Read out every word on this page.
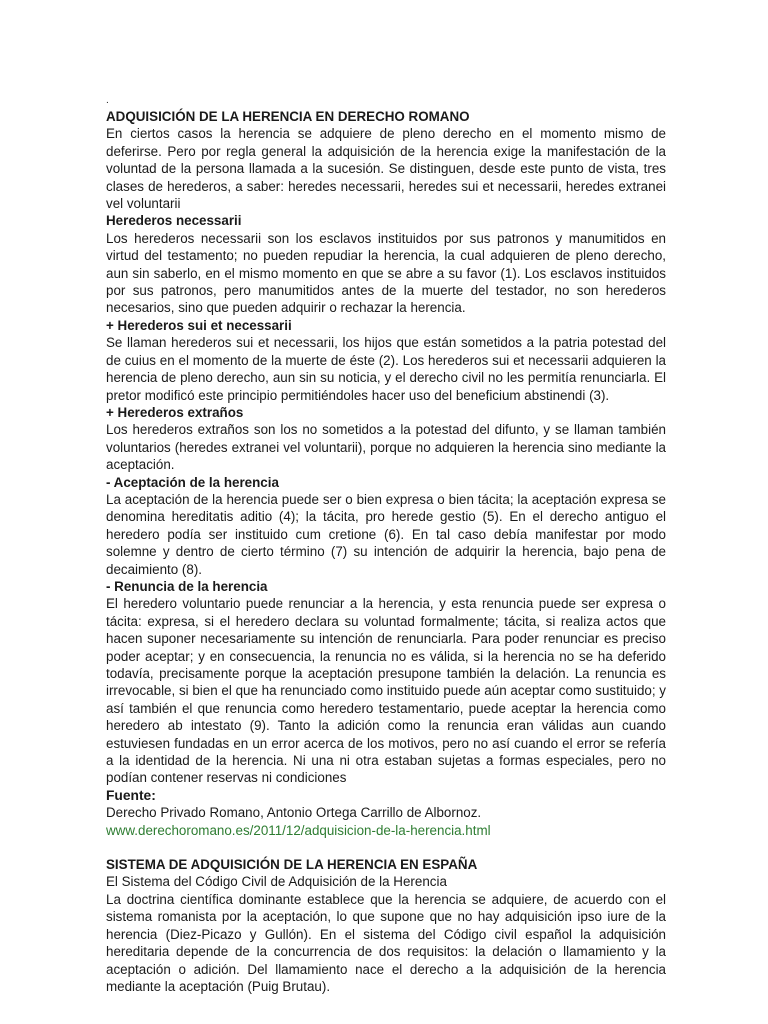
.

ADQUISICIÓN DE LA HERENCIA EN DERECHO ROMANO

En ciertos casos la herencia se adquiere de pleno derecho en el momento mismo de deferirse. Pero por regla general la adquisición de la herencia exige la manifestación de la voluntad de la persona llamada a la sucesión. Se distinguen, desde este punto de vista, tres clases de herederos, a saber: heredes necessarii, heredes sui et necessarii, heredes extranei vel voluntarii

Herederos necessarii

Los herederos necessarii son los esclavos instituidos por sus patronos y manumitidos en virtud del testamento; no pueden repudiar la herencia, la cual adquieren de pleno derecho, aun sin saberlo, en el mismo momento en que se abre a su favor (1). Los esclavos instituidos por sus patronos, pero manumitidos antes de la muerte del testador, no son herederos necesarios, sino que pueden adquirir o rechazar la herencia.

+ Herederos sui et necessarii

Se llaman herederos sui et necessarii, los hijos que están sometidos a la patria potestad del de cuius en el momento de la muerte de éste (2). Los herederos sui et necessarii adquieren la herencia de pleno derecho, aun sin su noticia, y el derecho civil no les permitía renunciarla. El pretor modificó este principio permitiéndoles hacer uso del beneficium abstinendi (3).

+ Herederos extraños

Los herederos extraños son los no sometidos a la potestad del difunto, y se llaman también voluntarios (heredes extranei vel voluntarii), porque no adquieren la herencia sino mediante la aceptación.

- Aceptación de la herencia

La aceptación de la herencia puede ser o bien expresa o bien tácita; la aceptación expresa se denomina hereditatis aditio (4); la tácita, pro herede gestio (5). En el derecho antiguo el heredero podía ser instituido cum cretione (6). En tal caso debía manifestar por modo solemne y dentro de cierto término (7) su intención de adquirir la herencia, bajo pena de decaimiento (8).

- Renuncia de la herencia

El heredero voluntario puede renunciar a la herencia, y esta renuncia puede ser expresa o tácita: expresa, si el heredero declara su voluntad formalmente; tácita, si realiza actos que hacen suponer necesariamente su intención de renunciarla. Para poder renunciar es preciso poder aceptar; y en consecuencia, la renuncia no es válida, si la herencia no se ha deferido todavía, precisamente porque la aceptación presupone también la delación. La renuncia es irrevocable, si bien el que ha renunciado como instituido puede aún aceptar como sustituido; y así también el que renuncia como heredero testamentario, puede aceptar la herencia como heredero ab intestato (9). Tanto la adición como la renuncia eran válidas aun cuando estuviesen fundadas en un error acerca de los motivos, pero no así cuando el error se refería a la identidad de la herencia. Ni una ni otra estaban sujetas a formas especiales, pero no podían contener reservas ni condiciones

Fuente:

Derecho Privado Romano, Antonio Ortega Carrillo de Albornoz.

www.derechoromano.es/2011/12/adquisicion-de-la-herencia.html

SISTEMA DE ADQUISICIÓN DE LA HERENCIA EN ESPAÑA

El Sistema del Código Civil de Adquisición de la Herencia

La doctrina científica dominante establece que la herencia se adquiere, de acuerdo con el sistema romanista por la aceptación, lo que supone que no hay adquisición ipso iure de la herencia (Diez-Picazo y Gullón). En el sistema del Código civil español la adquisición hereditaria depende de la concurrencia de dos requisitos: la delación o llamamiento y la aceptación o adición. Del llamamiento nace el derecho a la adquisición de la herencia mediante la aceptación (Puig Brutau).
